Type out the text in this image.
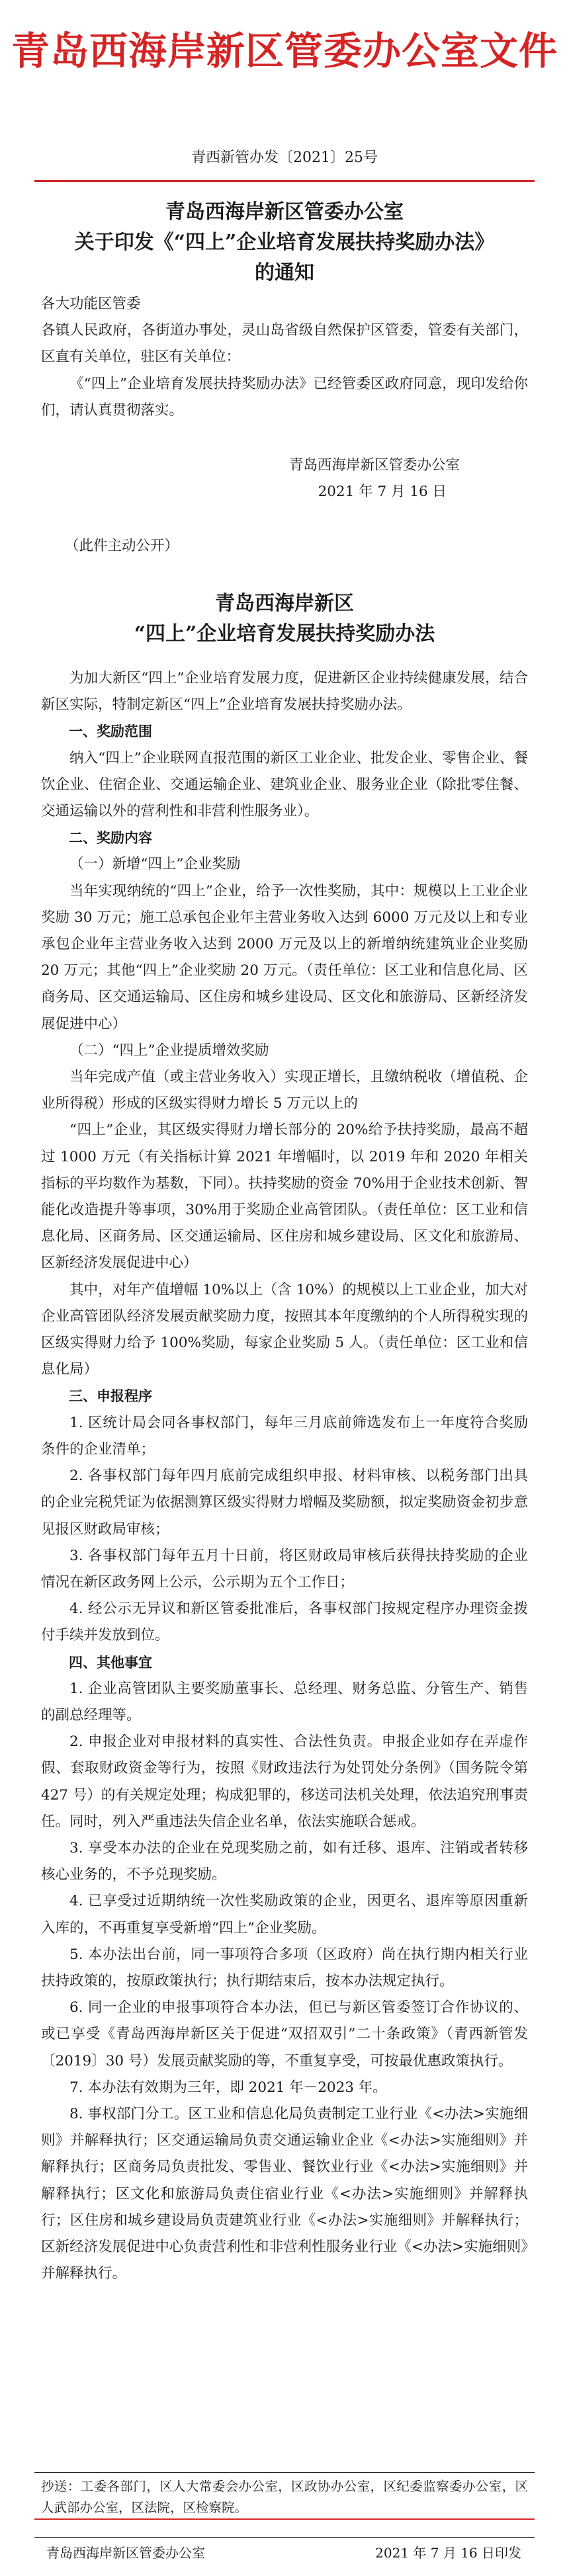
青岛西海岸新区管委办公室文件
青西新管办发〔2021〕25号
青岛西海岸新区管委办公室
关于印发《“四上”企业培育发展扶持奖励办法》
的通知

各大功能区管委

各镇人民政府，各街道办事处，灵山岛省级自然保护区管委，管委有关部门，区直有关单位，驻区有关单位：

《“四上”企业培育发展扶持奖励办法》已经管委区政府同意，现印发给你们，请认真贯彻落实。

青岛西海岸新区管委办公室
2021 年 7 月 16 日
（此件主动公开）
青岛西海岸新区
“四上”企业培育发展扶持奖励办法

为加大新区“四上”企业培育发展力度，促进新区企业持续健康发展，结合新区实际，特制定新区“四上”企业培育发展扶持奖励办法。

一、奖励范围

纳入“四上”企业联网直报范围的新区工业企业、批发企业、零售企业、餐饮企业、住宿企业、交通运输企业、建筑业企业、服务业企业（除批零住餐、交通运输以外的营利性和非营利性服务业）。

二、奖励内容

（一）新增“四上”企业奖励

当年实现纳统的“四上”企业，给予一次性奖励，其中：规模以上工业企业奖励 30 万元；施工总承包企业年主营业务收入达到 6000 万元及以上和专业承包企业年主营业务收入达到 2000 万元及以上的新增纳统建筑业企业奖励 20 万元；其他“四上”企业奖励 20 万元。（责任单位：区工业和信息化局、区商务局、区交通运输局、区住房和城乡建设局、区文化和旅游局、区新经济发展促进中心）

（二）“四上”企业提质增效奖励

当年完成产值（或主营业务收入）实现正增长，且缴纳税收（增值税、企业所得税）形成的区级实得财力增长 5 万元以上的

“四上”企业，其区级实得财力增长部分的 20%给予扶持奖励，最高不超过 1000 万元（有关指标计算 2021 年增幅时，以 2019 年和 2020 年相关指标的平均数作为基数，下同）。扶持奖励的资金 70%用于企业技术创新、智能化改造提升等事项，30%用于奖励企业高管团队。（责任单位：区工业和信息化局、区商务局、区交通运输局、区住房和城乡建设局、区文化和旅游局、区新经济发展促进中心）

其中，对年产值增幅 10%以上（含 10%）的规模以上工业企业，加大对企业高管团队经济发展贡献奖励力度，按照其本年度缴纳的个人所得税实现的区级实得财力给予 100%奖励，每家企业奖励 5 人。（责任单位：区工业和信息化局）

三、申报程序

1. 区统计局会同各事权部门，每年三月底前筛选发布上一年度符合奖励条件的企业清单；

2. 各事权部门每年四月底前完成组织申报、材料审核、以税务部门出具的企业完税凭证为依据测算区级实得财力增幅及奖励额，拟定奖励资金初步意见报区财政局审核；

3. 各事权部门每年五月十日前，将区财政局审核后获得扶持奖励的企业情况在新区政务网上公示，公示期为五个工作日；

4. 经公示无异议和新区管委批准后，各事权部门按规定程序办理资金拨付手续并发放到位。

四、其他事宜

1. 企业高管团队主要奖励董事长、总经理、财务总监、分管生产、销售的副总经理等。

2. 申报企业对申报材料的真实性、合法性负责。申报企业如存在弄虚作假、套取财政资金等行为，按照《财政违法行为处罚处分条例》（国务院令第 427 号）的有关规定处理；构成犯罪的，移送司法机关处理，依法追究刑事责任。同时，列入严重违法失信企业名单，依法实施联合惩戒。

3. 享受本办法的企业在兑现奖励之前，如有迁移、退库、注销或者转移核心业务的，不予兑现奖励。

4. 已享受过近期纳统一次性奖励政策的企业，因更名、退库等原因重新入库的，不再重复享受新增“四上”企业奖励。

5. 本办法出台前，同一事项符合多项（区政府）尚在执行期内相关行业扶持政策的，按原政策执行；执行期结束后，按本办法规定执行。

6. 同一企业的申报事项符合本办法，但已与新区管委签订合作协议的、或已享受《青岛西海岸新区关于促进“双招双引”二十条政策》（青西新管发〔2019〕30 号）发展贡献奖励的等，不重复享受，可按最优惠政策执行。

7. 本办法有效期为三年，即 2021 年－2023 年。

8. 事权部门分工。区工业和信息化局负责制定工业行业《<办法>实施细则》并解释执行；区交通运输局负责交通运输业企业《<办法>实施细则》并解释执行；区商务局负责批发、零售业、餐饮业行业《<办法>实施细则》并解释执行；区文化和旅游局负责住宿业行业《<办法>实施细则》并解释执行；区住房和城乡建设局负责建筑业行业《<办法>实施细则》并解释执行；区新经济发展促进中心负责营利性和非营利性服务业行业《<办法>实施细则》并解释执行。

抄送：工委各部门，区人大常委会办公室，区政协办公室，区纪委监察委办公室，区人武部办公室，区法院，区检察院。
青岛西海岸新区管委办公室	2021 年 7 月 16 日印发
